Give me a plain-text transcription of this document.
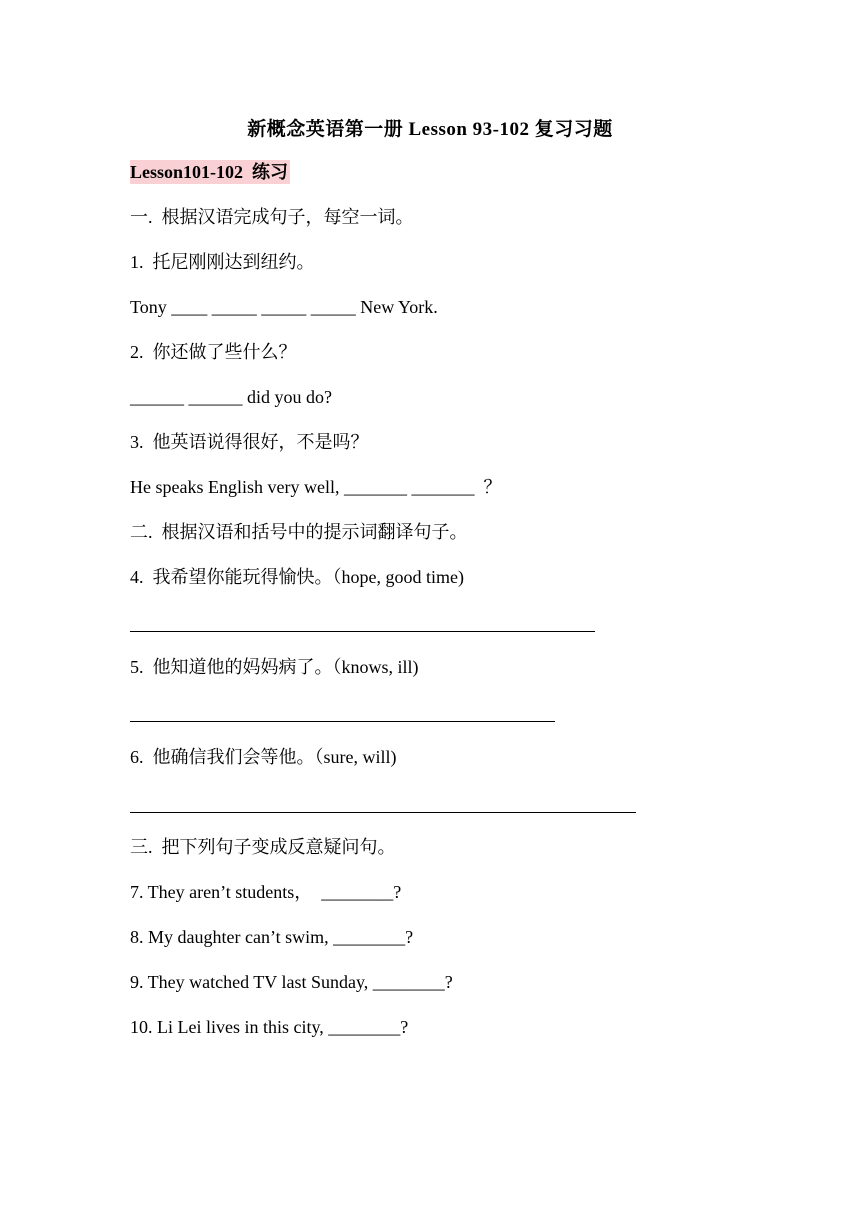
新概念英语第一册 Lesson 93-102 复习习题
Lesson101-102  练习
一.  根据汉语完成句子，每空一词。
1.  托尼刚刚达到纽约。
Tony ____ _____ _____ _____ New York.
2.  你还做了些什么？
______ ______ did you do?
3.  他英语说得很好，不是吗？
He speaks English very well, _______ _______  ？
二.  根据汉语和括号中的提示词翻译句子。
4.  我希望你能玩得愉快。（hope, good time)
5.  他知道他的妈妈病了。（knows, ill)
6.  他确信我们会等他。（sure, will)
三.  把下列句子变成反意疑问句。
7. They aren’t students，  ________?
8. My daughter can’t swim, ________?
9. They watched TV last Sunday, ________?
10. Li Lei lives in this city, ________?
